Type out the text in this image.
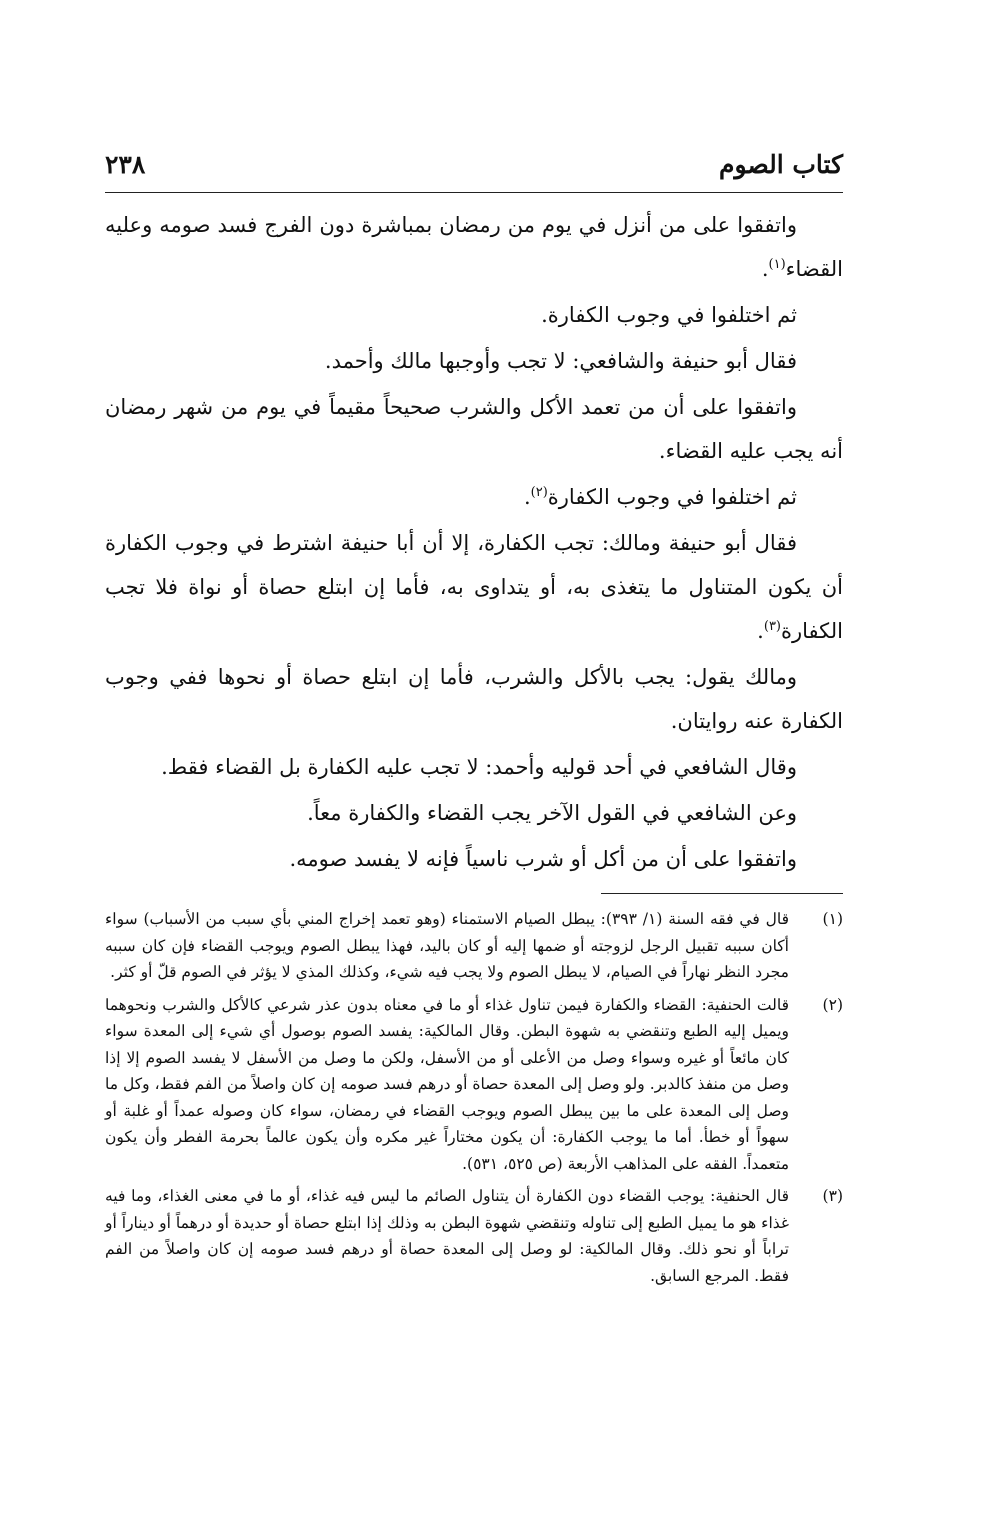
كتاب الصوم
٢٣٨

واتفقوا على من أنزل في يوم من رمضان بمباشرة دون الفرج فسد صومه وعليه القضاء$^{(١)}$.

ثم اختلفوا في وجوب الكفارة.

فقال أبو حنيفة والشافعي: لا تجب وأوجبها مالك وأحمد.

واتفقوا على أن من تعمد الأكل والشرب صحيحاً مقيماً في يوم من شهر رمضان أنه يجب عليه القضاء.

ثم اختلفوا في وجوب الكفارة$^{(٢)}$.

فقال أبو حنيفة ومالك: تجب الكفارة، إلا أن أبا حنيفة اشترط في وجوب الكفارة أن يكون المتناول ما يتغذى به، أو يتداوى به، فأما إن ابتلع حصاة أو نواة فلا تجب الكفارة$^{(٣)}$.

ومالك يقول: يجب بالأكل والشرب، فأما إن ابتلع حصاة أو نحوها ففي وجوب الكفارة عنه روايتان.

وقال الشافعي في أحد قوليه وأحمد: لا تجب عليه الكفارة بل القضاء فقط.

وعن الشافعي في القول الآخر يجب القضاء والكفارة معاً.

واتفقوا على أن من أكل أو شرب ناسياً فإنه لا يفسد صومه.

(١)
قال في فقه السنة (١/ ٣٩٣): يبطل الصيام الاستمناء (وهو تعمد إخراج المني بأي سبب من الأسباب) سواء أكان سببه تقبيل الرجل لزوجته أو ضمها إليه أو كان باليد، فهذا يبطل الصوم ويوجب القضاء فإن كان سببه مجرد النظر نهاراً في الصيام، لا يبطل الصوم ولا يجب فيه شيء، وكذلك المذي لا يؤثر في الصوم قلّ أو كثر.
(٢)
قالت الحنفية: القضاء والكفارة فيمن تناول غذاء أو ما في معناه بدون عذر شرعي كالأكل والشرب ونحوهما ويميل إليه الطبع وتنقضي به شهوة البطن. وقال المالكية: يفسد الصوم بوصول أي شيء إلى المعدة سواء كان مائعاً أو غيره وسواء وصل من الأعلى أو من الأسفل، ولكن ما وصل من الأسفل لا يفسد الصوم إلا إذا وصل من منفذ كالدبر. ولو وصل إلى المعدة حصاة أو درهم فسد صومه إن كان واصلاً من الفم فقط، وكل ما وصل إلى المعدة على ما بين يبطل الصوم ويوجب القضاء في رمضان، سواء كان وصوله عمداً أو غلبة أو سهواً أو خطأ. أما ما يوجب الكفارة: أن يكون مختاراً غير مكره وأن يكون عالماً بحرمة الفطر وأن يكون متعمداً. الفقه على المذاهب الأربعة (ص ٥٢٥، ٥٣١).
(٣)
قال الحنفية: يوجب القضاء دون الكفارة أن يتناول الصائم ما ليس فيه غذاء، أو ما في معنى الغذاء، وما فيه غذاء هو ما يميل الطبع إلى تناوله وتنقضي شهوة البطن به وذلك إذا ابتلع حصاة أو حديدة أو درهماً أو ديناراً أو تراباً أو نحو ذلك. وقال المالكية: لو وصل إلى المعدة حصاة أو درهم فسد صومه إن كان واصلاً من الفم فقط. المرجع السابق.
